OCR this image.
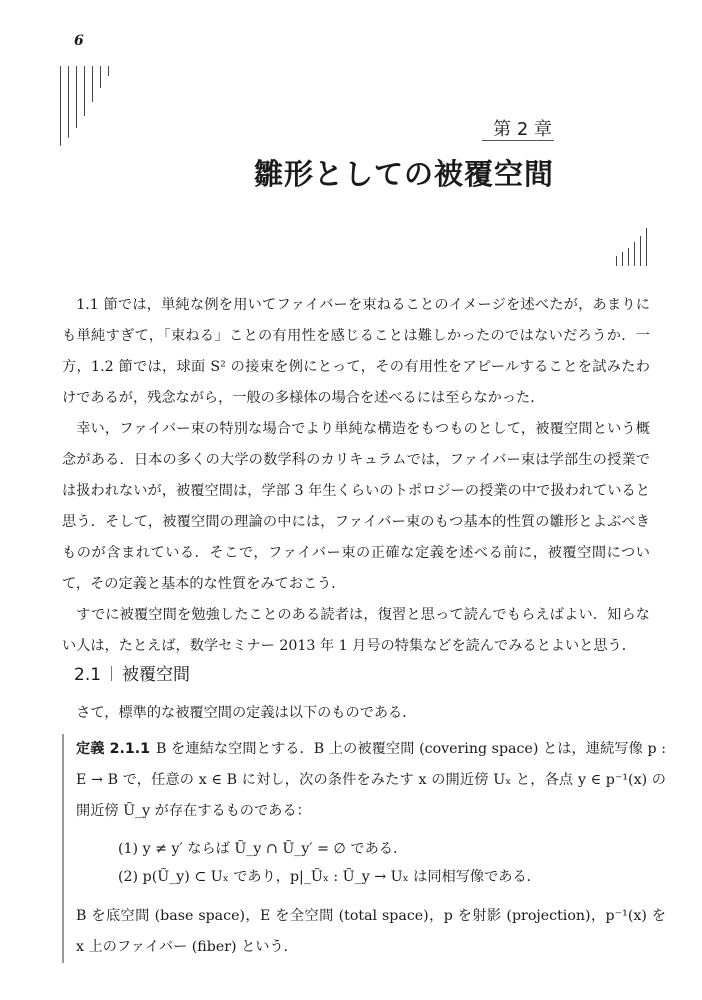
6
第 2 章
雛形としての被覆空間

1.1 節では，単純な例を用いてファイバーを束ねることのイメージを述べたが，あまりにも単純すぎて，「束ねる」ことの有用性を感じることは難しかったのではないだろうか．一方，1.2 節では，球面 S² の接束を例にとって，その有用性をアピールすることを試みたわけであるが，残念ながら，一般の多様体の場合を述べるには至らなかった．

幸い，ファイバー束の特別な場合でより単純な構造をもつものとして，被覆空間という概念がある．日本の多くの大学の数学科のカリキュラムでは，ファイバー束は学部生の授業では扱われないが，被覆空間は，学部 3 年生くらいのトポロジーの授業の中で扱われていると思う．そして，被覆空間の理論の中には，ファイバー束のもつ基本的性質の雛形とよぶべきものが含まれている．そこで，ファイバー束の正確な定義を述べる前に，被覆空間について，その定義と基本的な性質をみておこう．

すでに被覆空間を勉強したことのある読者は，復習と思って読んでもらえばよい．知らない人は，たとえば，数学セミナー 2013 年 1 月号の特集などを読んでみるとよいと思う．

2.1 被覆空間
さて，標準的な被覆空間の定義は以下のものである．

定義 2.1.1 B を連結な空間とする．B 上の被覆空間 (covering space) とは，連続写像 p : E → B で，任意の x ∈ B に対し，次の条件をみたす x の開近傍 Uₓ と，各点 y ∈ p⁻¹(x) の開近傍 Ũ_y が存在するものである：

(1) y ≠ y′ ならば Ũ_y ∩ Ũ_y′ = ∅ である．
(2) p(Ũ_y) ⊂ Uₓ であり，p|_Ũₓ : Ũ_y → Uₓ は同相写像である．

B を底空間 (base space)，E を全空間 (total space)，p を射影 (projection)，p⁻¹(x) を x 上のファイバー (fiber) という．
